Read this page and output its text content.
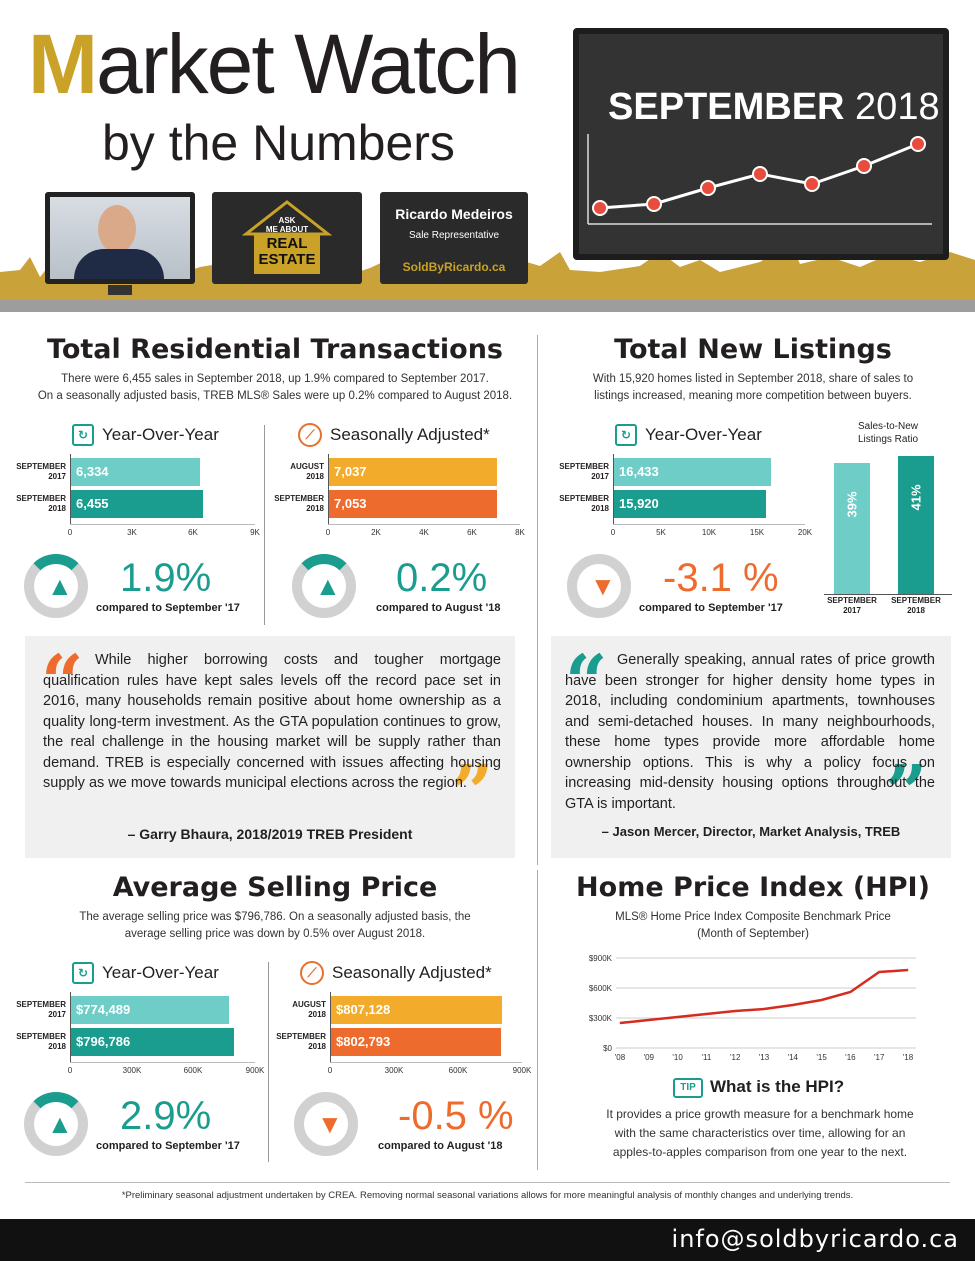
Market Watch
by the Numbers
ASK
ME ABOUT
REAL
ESTATE
Ricardo Medeiros
Sale Representative
SoldByRicardo.ca
SEPTEMBER 2018
Total Residential Transactions
There were 6,455 sales in September 2018, up 1.9% compared to September 2017.
On a seasonally adjusted basis, TREB MLS® Sales were up 0.2% compared to August 2018.
↻ Year-Over-Year
SEPTEMBER
2017 6,334
SEPTEMBER
2018 6,455
0	3K	6K	9K
▲ 1.9%
compared to September '17
⟋ Seasonally Adjusted*
AUGUST
2018 7,037
SEPTEMBER
2018 7,053
0	2K	4K	6K	8K
▲ 0.2%
compared to August '18
Total New Listings
With 15,920 homes listed in September 2018, share of sales to
listings increased, meaning more competition between buyers.
↻ Year-Over-Year
SEPTEMBER
2017 16,433
SEPTEMBER
2018 15,920
0	5K	10K	15K	20K
▼ -3.1 %
compared to September '17
Sales-to-New
Listings Ratio
39%
SEPTEMBER
2017
41%
SEPTEMBER
2018
“
”
While higher borrowing costs and tougher mortgage qualification rules have kept sales levels off the record pace set in 2016, many households remain positive about home ownership as a quality long-term investment. As the GTA population continues to grow, the real challenge in the housing market will be supply rather than demand. TREB is especially concerned with issues affecting housing supply as we move towards municipal elections across the region.
– Garry Bhaura, 2018/2019 TREB President
“
”
Generally speaking, annual rates of price growth have been stronger for higher density home types in 2018, including condominium apartments, townhouses and semi-detached houses. In many neighbourhoods, these home types provide more affordable home ownership options. This is why a policy focus on increasing mid-density housing options throughout the GTA is important.
– Jason Mercer, Director, Market Analysis, TREB
Average Selling Price
The average selling price was $796,786. On a seasonally adjusted basis, the
average selling price was down by 0.5% over August 2018.
↻ Year-Over-Year
SEPTEMBER
2017 $774,489
SEPTEMBER
2018 $796,786
0	300K	600K	900K
▲ 2.9%
compared to September '17
⟋ Seasonally Adjusted*
AUGUST
2018 $807,128
SEPTEMBER
2018 $802,793
0	300K	600K	900K
▼ -0.5 %
compared to August '18
Home Price Index (HPI)
MLS® Home Price Index Composite Benchmark Price
(Month of September)
$0
$300K
$600K
$900K
'08 '09 '10 '11 '12 '13 '14 '15 '16 '17 '18
TIP What is the HPI?
It provides a price growth measure for a benchmark home
with the same characteristics over time, allowing for an
apples-to-apples comparison from one year to the next.
*Preliminary seasonal adjustment undertaken by CREA. Removing normal seasonal variations allows for more meaningful analysis of monthly changes and underlying trends.
info@soldbyricardo.ca
